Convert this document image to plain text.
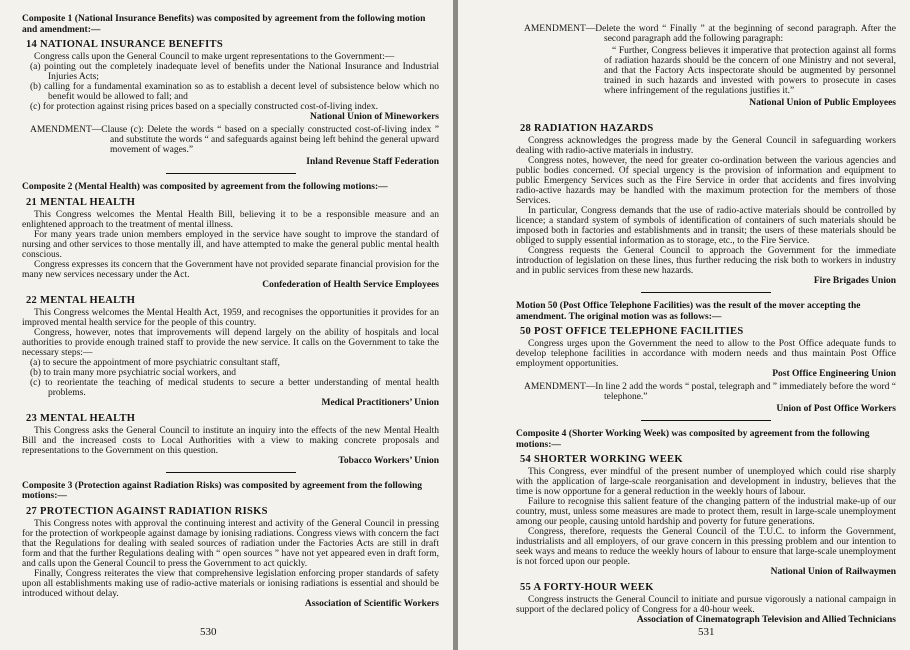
Composite 1 (National Insurance Benefits) was composited by agreement from the following motion and amendment:—
14 NATIONAL INSURANCE BENEFITS

Congress calls upon the General Council to make urgent representations to the Government:—

(a) pointing out the completely inadequate level of benefits under the National Insurance and Industrial Injuries Acts;
(b) calling for a fundamental examination so as to establish a decent level of subsistence below which no benefit would be allowed to fall; and
(c) for protection against rising prices based on a specially constructed cost-of-living index.
National Union of Mineworkers
AMENDMENT—Clause (c): Delete the words “ based on a specially constructed cost-of-living index ” and substitute the words “ and safeguards against being left behind the general upward movement of wages.”
Inland Revenue Staff Federation
Composite 2 (Mental Health) was composited by agreement from the following motions:—
21 MENTAL HEALTH

This Congress welcomes the Mental Health Bill, believing it to be a responsible measure and an enlightened approach to the treatment of mental illness.

For many years trade union members employed in the service have sought to improve the standard of nursing and other services to those mentally ill, and have attempted to make the general public mental health conscious.

Congress expresses its concern that the Government have not provided separate financial provision for the many new services necessary under the Act.

Confederation of Health Service Employees
22 MENTAL HEALTH

This Congress welcomes the Mental Health Act, 1959, and recognises the opportunities it provides for an improved mental health service for the people of this country.

Congress, however, notes that improvements will depend largely on the ability of hospitals and local authorities to provide enough trained staff to provide the new service. It calls on the Government to take the necessary steps:—

(a) to secure the appointment of more psychiatric consultant staff,
(b) to train many more psychiatric social workers, and
(c) to reorientate the teaching of medical students to secure a better understanding of mental health problems.
Medical Practitioners’ Union
23 MENTAL HEALTH

This Congress asks the General Council to institute an inquiry into the effects of the new Mental Health Bill and the increased costs to Local Authorities with a view to making concrete proposals and representations to the Government on this question.

Tobacco Workers’ Union
Composite 3 (Protection against Radiation Risks) was composited by agreement from the following motions:—
27 PROTECTION AGAINST RADIATION RISKS

This Congress notes with approval the continuing interest and activity of the General Council in pressing for the protection of workpeople against damage by ionising radiations. Congress views with concern the fact that the Regulations for dealing with sealed sources of radiation under the Factories Acts are still in draft form and that the further Regulations dealing with “ open sources ” have not yet appeared even in draft form, and calls upon the General Council to press the Government to act quickly.

Finally, Congress reiterates the view that comprehensive legislation enforcing proper standards of safety upon all establishments making use of radio-active materials or ionising radiations is essential and should be introduced without delay.

Association of Scientific Workers
530
AMENDMENT—Delete the word “ Finally ” at the beginning of second paragraph. After the second paragraph add the following paragraph:
“ Further, Congress believes it imperative that protection against all forms of radiation hazards should be the concern of one Ministry and not several, and that the Factory Acts inspectorate should be augmented by personnel trained in such hazards and invested with powers to prosecute in cases where infringement of the regulations justifies it.”
National Union of Public Employees
28 RADIATION HAZARDS

Congress acknowledges the progress made by the General Council in safeguarding workers dealing with radio-active materials in industry.

Congress notes, however, the need for greater co-ordination between the various agencies and public bodies concerned. Of special urgency is the provision of information and equipment to public Emergency Services such as the Fire Service in order that accidents and fires involving radio-active hazards may be handled with the maximum protection for the members of those Services.

In particular, Congress demands that the use of radio-active materials should be controlled by licence; a standard system of symbols of identification of containers of such materials should be imposed both in factories and establishments and in transit; the users of these materials should be obliged to supply essential information as to storage, etc., to the Fire Service.

Congress requests the General Council to approach the Government for the immediate introduction of legislation on these lines, thus further reducing the risk both to workers in industry and in public services from these new hazards.

Fire Brigades Union
Motion 50 (Post Office Telephone Facilities) was the result of the mover accepting the amendment. The original motion was as follows:—
50 POST OFFICE TELEPHONE FACILITIES

Congress urges upon the Government the need to allow to the Post Office adequate funds to develop telephone facilities in accordance with modern needs and thus maintain Post Office employment opportunities.

Post Office Engineering Union
AMENDMENT—In line 2 add the words “ postal, telegraph and ” immediately before the word “ telephone.”
Union of Post Office Workers
Composite 4 (Shorter Working Week) was composited by agreement from the following motions:—
54 SHORTER WORKING WEEK

This Congress, ever mindful of the present number of unemployed which could rise sharply with the application of large-scale reorganisation and development in industry, believes that the time is now opportune for a general reduction in the weekly hours of labour.

Failure to recognise this salient feature of the changing pattern of the industrial make-up of our country, must, unless some measures are made to protect them, result in large-scale unemployment among our people, causing untold hardship and poverty for future generations.

Congress, therefore, requests the General Council of the T.U.C. to inform the Government, industrialists and all employers, of our grave concern in this pressing problem and our intention to seek ways and means to reduce the weekly hours of labour to ensure that large-scale unemployment is not forced upon our people.

National Union of Railwaymen
55 A FORTY-HOUR WEEK

Congress instructs the General Council to initiate and pursue vigorously a national campaign in support of the declared policy of Congress for a 40-hour week.

Association of Cinematograph Television and Allied Technicians
531
